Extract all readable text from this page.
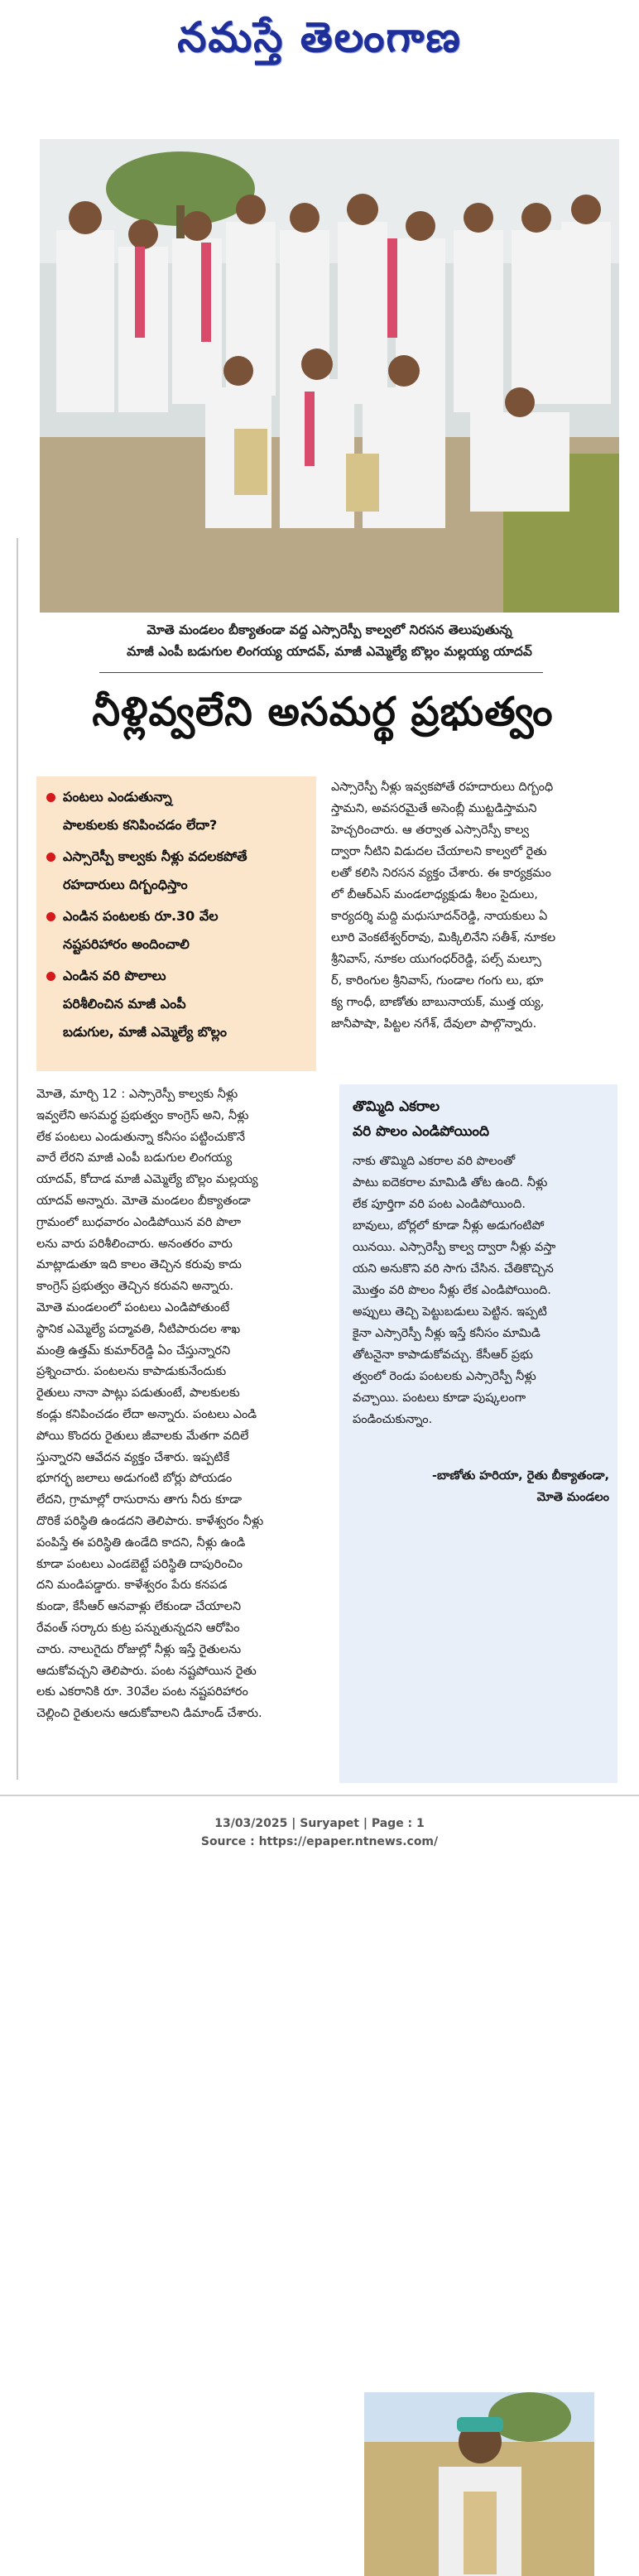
నమస్తే తెలంగాణ
మోతె మండలం బీక్యాతండా వద్ద ఎస్సారెస్పీ కాల్వలో నిరసన తెలుపుతున్న
మాజీ ఎంపీ బడుగుల లింగయ్య యాదవ్, మాజీ ఎమ్మెల్యే బొల్లం మల్లయ్య యాదవ్
నీళ్లివ్వలేని అసమర్థ ప్రభుత్వం
పంటలు ఎండుతున్నా
పాలకులకు కనిపించడం లేదా?
ఎస్సారెస్పీ కాల్వకు నీళ్లు వదలకపోతే
రహదారులు దిగ్బంధిస్తాం
ఎండిన పంటలకు రూ.30 వేల
నష్టపరిహారం అందించాలి
ఎండిన వరి పొలాలు
పరిశీలించిన మాజీ ఎంపీ
బడుగుల, మాజీ ఎమ్మెల్యే బొల్లం
ఎస్సారెస్పీ నీళ్లు ఇవ్వకపోతే రహదారులు దిగ్బంధి
స్తామని, అవసరమైతే అసెంబ్లీ ముట్టడిస్తామని
హెచ్చరించారు. ఆ తర్వాత ఎస్సారెస్పీ కాల్వ
ద్వారా నీటిని విడుదల చేయాలని కాల్వలో రైతు
లతో కలిసి నిరసన వ్యక్తం చేశారు. ఈ కార్యక్రమం
లో బీఆర్ఎస్ మండలాధ్యక్షుడు శీలం సైదులు,
కార్యదర్శి మద్ది మధుసూదన్‌రెడ్డి, నాయకులు ఏ
లూరి వెంకటేశ్వర్‌రావు, మిక్కిలినేని సతీశ్, నూకల
శ్రీనివాస్, నూకల యుగంధర్‌రెడ్డి, పల్స్ మల్సూ
ర్, కారింగుల శ్రీనివాస్, గుండాల గంగు లు, భూ
క్య గాంధీ, బాణోతు బాబునాయక్, ముత్త య్య,
జానీపాషా, పిట్టల నగేశ్, దేవులా పాల్గొన్నారు.
మోతె, మార్చి 12 : ఎస్సారెస్పీ కాల్వకు నీళ్లు
ఇవ్వలేని అసమర్థ ప్రభుత్వం కాంగ్రెస్ అని, నీళ్లు
లేక పంటలు ఎండుతున్నా కనీసం పట్టించుకొనే
వారే లేరని మాజీ ఎంపీ బడుగుల లింగయ్య
యాదవ్, కోదాడ మాజీ ఎమ్మెల్యే బొల్లం మల్లయ్య
యాదవ్ అన్నారు. మోతె మండలం బీక్యాతండా
గ్రామంలో బుధవారం ఎండిపోయిన వరి పొలా
లను వారు పరిశీలించారు. అనంతరం వారు
మాట్లాడుతూ ఇది కాలం తెచ్చిన కరువు కాదు
కాంగ్రెస్ ప్రభుత్వం తెచ్చిన కరువని అన్నారు.
మోతె మండలంలో పంటలు ఎండిపోతుంటే
స్థానిక ఎమ్మెల్యే పద్మావతి, నీటిపారుదల శాఖ
మంత్రి ఉత్తమ్ కుమార్‌రెడ్డి ఏం చేస్తున్నారని
ప్రశ్నించారు. పంటలను కాపాడుకునేందుకు
రైతులు నానా పాట్లు పడుతుంటే, పాలకులకు
కండ్లు కనిపించడం లేదా అన్నారు. పంటలు ఎండి
పోయి కొందరు రైతులు జీవాలకు మేతగా వదిలే
స్తున్నారని ఆవేదన వ్యక్తం చేశారు. ఇప్పటికే
భూగర్భ జలాలు అడుగంటి బోర్లు పోయడం
లేదని, గ్రామాల్లో రాసురాను తాగు నీరు కూడా
దొరికే పరిస్థితి ఉండదని తెలిపారు. కాళేశ్వరం నీళ్లు
పంపిస్తే ఈ పరిస్థితి ఉండేది కాదని, నీళ్లు ఉండి
కూడా పంటలు ఎండబెట్టే పరిస్థితి దాపురించిం
దని మండిపడ్డారు. కాళేశ్వరం పేరు కనపడ
కుండా, కేసీఆర్ ఆనవాళ్లు లేకుండా చేయాలని
రేవంత్ సర్కారు కుట్ర పన్నుతున్నదని ఆరోపిం
చారు. నాలుగైదు రోజుల్లో నీళ్లు ఇస్తే రైతులను
ఆదుకోవచ్చని తెలిపారు. పంట నష్టపోయిన రైతు
లకు ఎకరానికి రూ. 30వేల పంట నష్టపరిహారం
చెల్లించి రైతులను ఆదుకోవాలని డిమాండ్ చేశారు.
తొమ్మిది ఎకరాల
వరి పొలం ఎండిపోయింది
నాకు తొమ్మిది ఎకరాల వరి పొలంతో
పాటు ఐదెకరాల మామిడి తోట ఉంది. నీళ్లు
లేక పూర్తిగా వరి పంట ఎండిపోయింది.
బావులు, బోర్లలో కూడా నీళ్లు అడుగంటిపో
యినయి. ఎస్సారెస్పీ కాల్వ ద్వారా నీళ్లు వస్తా
యని అనుకొని వరి సాగు చేసిన. చేతికొచ్చిన
మొత్తం వరి పొలం నీళ్లు లేక ఎండిపోయింది.
అప్పులు తెచ్చి పెట్టుబడులు పెట్టిన. ఇప్పటి
కైనా ఎస్సారెస్పీ నీళ్లు ఇస్తే కనీసం మామిడి
తోటనైనా కాపాడుకోవచ్చు. కేసీఆర్ ప్రభు
త్వంలో రెండు పంటలకు ఎస్సారెస్పీ నీళ్లు
వచ్చాయి. పంటలు కూడా పుష్కలంగా
పండించుకున్నాం.
-బాణోతు హరియా, రైతు బీక్యాతండా,
మోతె మండలం
13/03/2025 | Suryapet | Page : 1
Source : https://epaper.ntnews.com/
